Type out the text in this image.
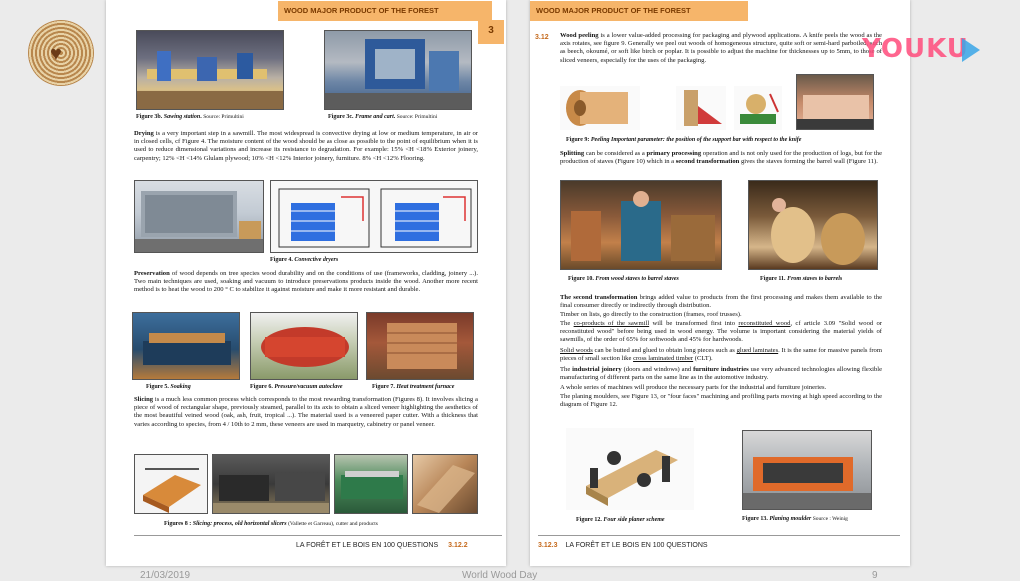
♥
WOOD MAJOR PRODUCT OF THE FOREST
3
Figure 3b. Sawing station. Source: Primultini	Figure 3c. Frame and cart. Source: Primultini
Drying is a very important step in a sawmill. The most widespread is convective drying at low or medium temperature, in air or in closed cells, cf Figure 4. The moisture content of the wood should be as close as possible to the point of equilibrium when it is used to reduce dimensional variations and increase its resistance to degradation. For example: 15% <H <18% Exterior joinery, carpentry; 12% <H <14% Glulam plywood; 10% <H <12% Interior joinery, furniture. 8% <H <12% Flooring.
Figure 4. Convective dryers
Preservation of wood depends on tree species wood durability and on the conditions of use (frameworks, cladding, joinery ...). Two main techniques are used, soaking and vacuum to introduce preservations products inside the wood. Another more recent method is to heat the wood to 200 ° C to stabilize it against moisture and make it more resistant and durable.
Figure 5. Soaking	Figure 6. Pressure/vacuum autoclave	Figure 7. Heat treatment furnace
Slicing is a much less common process which corresponds to the most rewarding transformation (Figures 8). It involves slicing a piece of wood of rectangular shape, previously steamed, parallel to its axis to obtain a sliced veneer highlighting the aesthetics of the most beautiful veined wood (oak, ash, fruit, tropical ...). The material used is a veneered paper cutter. With a thickness that varies according to species, from 4 / 10th to 2 mm, these veneers are used in marquetry, cabinetry or panel veneer.
Figures 8 : Slicing: process, old horizontal slicers (Vallette et Garreau), cutter and products
LA FORÊT ET LE BOIS EN 100 QUESTIONS 3.12.2
WOOD MAJOR PRODUCT OF THE FOREST
3.12 Wood peeling is a lower value-added processing for packaging and plywood applications. A knife peels the wood as the axis rotates, see figure 9. Generally we peel out woods of homogeneous structure, quite soft or semi-hard parboiled, such as beech, okoumé, or soft like birch or poplar. It is possible to adjust the machine for thicknesses up to 5mm, to those of sliced veneers, especially for the uses of the packaging.
Figure 9: Peeling Important parameter: the position of the support bar with respect to the knife
Splitting can be considered as a primary processing operation and is not only used for the production of logs, but for the production of staves (Figure 10) which in a second transformation gives the staves forming the barrel wall (Figure 11).
Figure 10. From wood staves to barrel staves	Figure 11. From staves to barrels
The second transformation brings added value to products from the first processing and makes them available to the final consumer directly or indirectly through distribution.
Timber on lists, go directly to the construction (frames, roof trusses).
The co-products of the sawmill will be transformed first into reconstituted wood, cf article 3.09 "Solid wood or reconstituted wood" before being used in wood energy. The volume is important considering the material yields of sawmills, of the order of 65% for softwoods and 45% for hardwoods.
Solid woods can be butted and glued to obtain long pieces such as glued laminates. It is the same for massive panels from pieces of small section like cross laminated timber (CLT).
The industrial joinery (doors and windows) and furniture industries use very advanced technologies allowing flexible manufacturing of different parts on the same line as in the automotive industry.
A whole series of machines will produce the necessary parts for the industrial and furniture joineries.
The planing moulders, see Figure 13, or "four faces" machining and profiling parts moving at high speed according to the diagram of Figure 12.
Figure 12. Four side planer scheme	Figure 13. Planing moulder Source : Weinig
3.12.3 LA FORÊT ET LE BOIS EN 100 QUESTIONS
YOUKU
21/03/2019	World Wood Day	9
